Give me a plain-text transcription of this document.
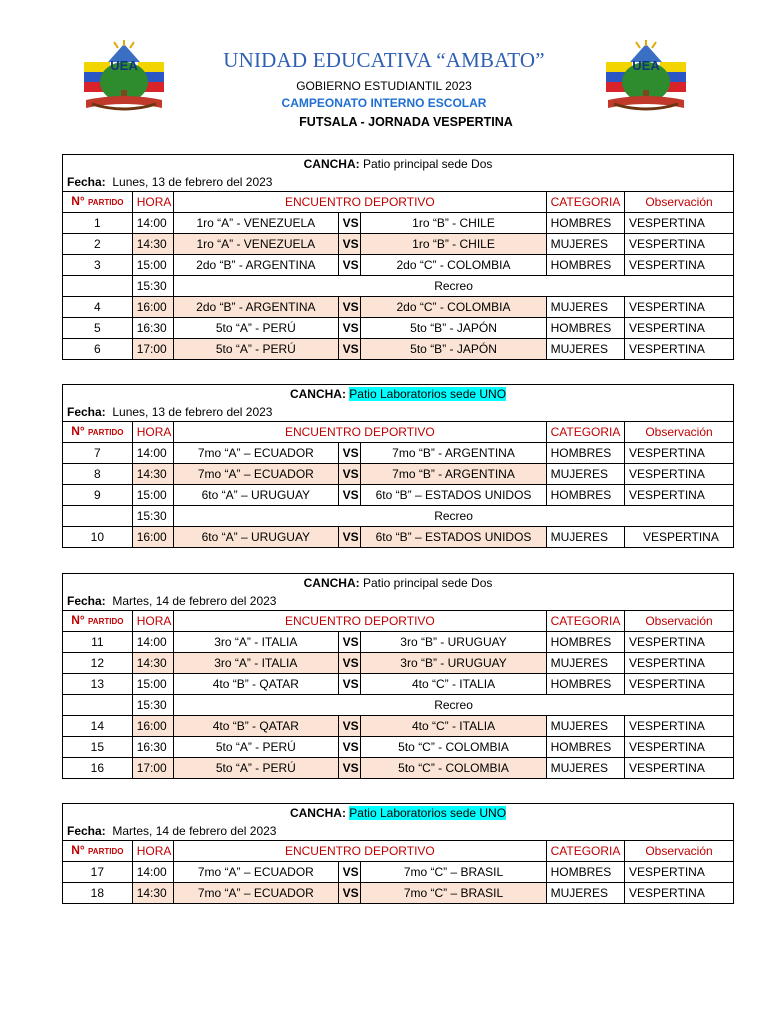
UEA	UEA
UNIDAD EDUCATIVA “AMBATO”
GOBIERNO ESTUDIANTIL 2023
CAMPEONATO INTERNO ESCOLAR
FUTSALA - JORNADA VESPERTINA
CANCHA: Patio principal sede Dos						
Fecha: Lunes, 13 de febrero del 2023						
N° PARTIDO	HORA	ENCUENTRO DEPORTIVO			CATEGORIA	Observación
1	14:00	1ro “A” - VENEZUELA	VS	1ro “B” - CHILE	HOMBRES	VESPERTINA
2	14:30	1ro “A” - VENEZUELA	VS	1ro “B” - CHILE	MUJERES	VESPERTINA
3	15:00	2do “B” - ARGENTINA	VS	2do “C” - COLOMBIA	HOMBRES	VESPERTINA
	15:30	Recreo				
4	16:00	2do “B” - ARGENTINA	VS	2do “C” - COLOMBIA	MUJERES	VESPERTINA
5	16:30	5to “A” - PERÚ	VS	5to “B” - JAPÓN	HOMBRES	VESPERTINA
6	17:00	5to “A” - PERÚ	VS	5to “B” - JAPÓN	MUJERES	VESPERTINA
CANCHA: Patio Laboratorios sede UNO						
Fecha: Lunes, 13 de febrero del 2023						
N° PARTIDO	HORA	ENCUENTRO DEPORTIVO			CATEGORIA	Observación
7	14:00	7mo “A” – ECUADOR	VS	7mo “B” - ARGENTINA	HOMBRES	VESPERTINA
8	14:30	7mo “A” – ECUADOR	VS	7mo “B” - ARGENTINA	MUJERES	VESPERTINA
9	15:00	6to “A” – URUGUAY	VS	6to “B” – ESTADOS UNIDOS	HOMBRES	VESPERTINA
	15:30	Recreo				
10	16:00	6to “A” – URUGUAY	VS	6to “B” – ESTADOS UNIDOS	MUJERES	VESPERTINA
CANCHA: Patio principal sede Dos						
Fecha: Martes, 14 de febrero del 2023						
N° PARTIDO	HORA	ENCUENTRO DEPORTIVO			CATEGORIA	Observación
11	14:00	3ro “A” - ITALIA	VS	3ro “B” - URUGUAY	HOMBRES	VESPERTINA
12	14:30	3ro “A” - ITALIA	VS	3ro “B” - URUGUAY	MUJERES	VESPERTINA
13	15:00	4to “B” - QATAR	VS	4to “C” - ITALIA	HOMBRES	VESPERTINA
	15:30	Recreo				
14	16:00	4to “B” - QATAR	VS	4to “C” - ITALIA	MUJERES	VESPERTINA
15	16:30	5to “A” - PERÚ	VS	5to “C” - COLOMBIA	HOMBRES	VESPERTINA
16	17:00	5to “A” - PERÚ	VS	5to “C” - COLOMBIA	MUJERES	VESPERTINA
CANCHA: Patio Laboratorios sede UNO						
Fecha: Martes, 14 de febrero del 2023						
N° PARTIDO	HORA	ENCUENTRO DEPORTIVO			CATEGORIA	Observación
17	14:00	7mo “A” – ECUADOR	VS	7mo “C” – BRASIL	HOMBRES	VESPERTINA
18	14:30	7mo “A” – ECUADOR	VS	7mo “C” – BRASIL	MUJERES	VESPERTINA
